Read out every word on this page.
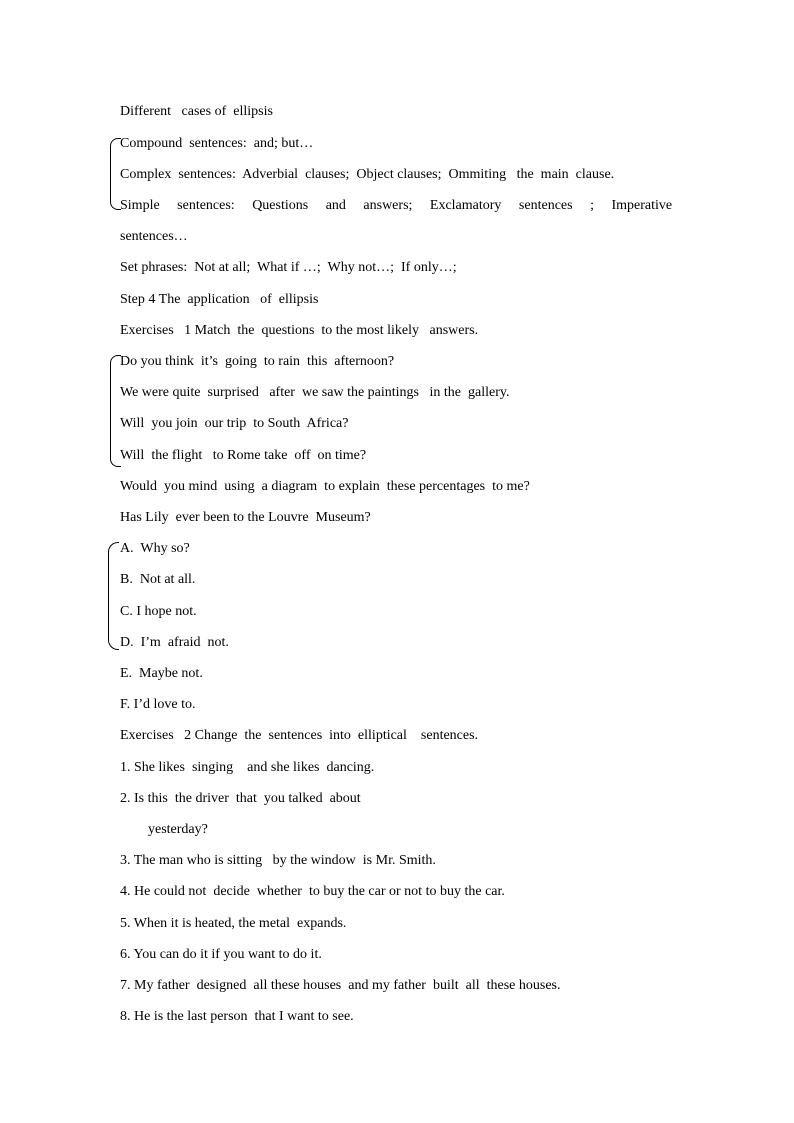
Different   cases of  ellipsis
Compound  sentences:  and; but…
Complex  sentences:  Adverbial  clauses;  Object clauses;  Ommiting   the  main  clause.
Simple     sentences:     Questions     and     answers;     Exclamatory     sentences     ;     Imperative
sentences…
Set phrases:  Not at all;  What if …;  Why not…;  If only…;
Step 4 The  application   of  ellipsis
Exercises   1 Match  the  questions  to the most likely   answers.
Do you think  it’s  going  to rain  this  afternoon?
We were quite  surprised   after  we saw the paintings   in the  gallery.
Will  you join  our trip  to South  Africa?
Will  the flight   to Rome take  off  on time?
Would  you mind  using  a diagram  to explain  these percentages  to me?
Has Lily  ever been to the Louvre  Museum?
A.  Why so?
B.  Not at all.
C. I hope not.
D.  I’m  afraid  not.
E.  Maybe not.
F. I’d love to.
Exercises   2 Change  the  sentences  into  elliptical    sentences.
1. She likes  singing    and she likes  dancing.
2. Is this  the driver  that  you talked  about
yesterday?
3. The man who is sitting   by the window  is Mr. Smith.
4. He could not  decide  whether  to buy the car or not to buy the car.
5. When it is heated, the metal  expands.
6. You can do it if you want to do it.
7. My father  designed  all these houses  and my father  built  all  these houses.
8. He is the last person  that I want to see.
